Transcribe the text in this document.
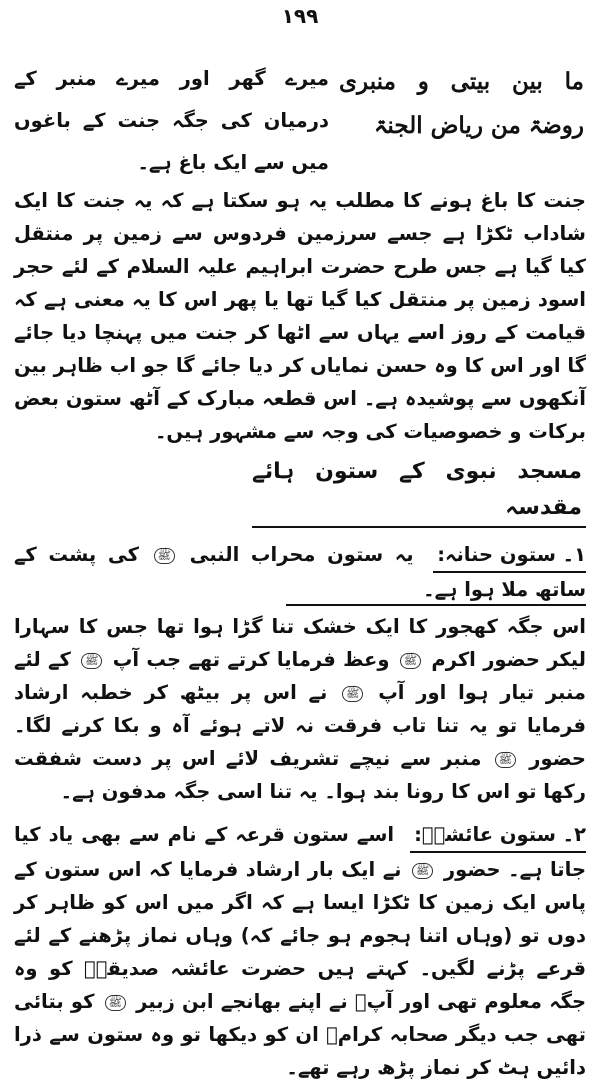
۱۹۹
ما بین بیتی و منبری روضۃ من ریاض الجنۃ
میرے گھر اور میرے منبر کے درمیان کی جگہ جنت کے باغوں میں سے ایک باغ ہے۔

جنت کا باغ ہونے کا مطلب یہ ہو سکتا ہے کہ یہ جنت کا ایک شاداب ٹکڑا ہے جسے سرزمین فردوس سے زمین پر منتقل کیا گیا ہے جس طرح حضرت ابراہیم علیہ السلام کے لئے حجر اسود زمین پر منتقل کیا گیا تھا یا پھر اس کا یہ معنی ہے کہ قیامت کے روز اسے یہاں سے اٹھا کر جنت میں پہنچا دیا جائے گا اور اس کا وہ حسن نمایاں کر دیا جائے گا جو اب ظاہر بین آنکھوں سے پوشیدہ ہے۔ اس قطعہ مبارک کے آٹھ ستون بعض برکات و خصوصیات کی وجہ سے مشہور ہیں۔

مسجد نبوی کے ستون ہائے مقدسہ

۱۔ ستون حنانہ: یہ ستون محراب النبی ﷺ کی پشت کے ساتھ ملا ہوا ہے۔

اس جگہ کھجور کا ایک خشک تنا گڑا ہوا تھا جس کا سہارا لیکر حضور اکرم ﷺ وعظ فرمایا کرتے تھے جب آپ ﷺ کے لئے منبر تیار ہوا اور آپ ﷺ نے اس پر بیٹھ کر خطبہ ارشاد فرمایا تو یہ تنا تاب فرقت نہ لاتے ہوئے آہ و بکا کرنے لگا۔ حضور ﷺ منبر سے نیچے تشریف لائے اس پر دست شفقت رکھا تو اس کا رونا بند ہوا۔ یہ تنا اسی جگہ مدفون ہے۔

۲۔ ستون عائشہؓ: اسے ستون قرعہ کے نام سے بھی یاد کیا جاتا ہے۔ حضور ﷺ نے ایک بار ارشاد فرمایا کہ اس ستون کے پاس ایک زمین کا ٹکڑا ایسا ہے کہ اگر میں اس کو ظاہر کر دوں تو (وہاں اتنا ہجوم ہو جائے کہ) وہاں نماز پڑھنے کے لئے قرعے پڑنے لگیں۔ کہتے ہیں حضرت عائشہ صدیقہؓ کو وہ جگہ معلوم تھی اور آپؓ نے اپنے بھانجے ابن زبیر ﷺ کو بتائی تھی جب دیگر صحابہ کرامؓ ان کو دیکھا تو وہ ستون سے ذرا دائیں ہٹ کر نماز پڑھ رہے تھے۔
